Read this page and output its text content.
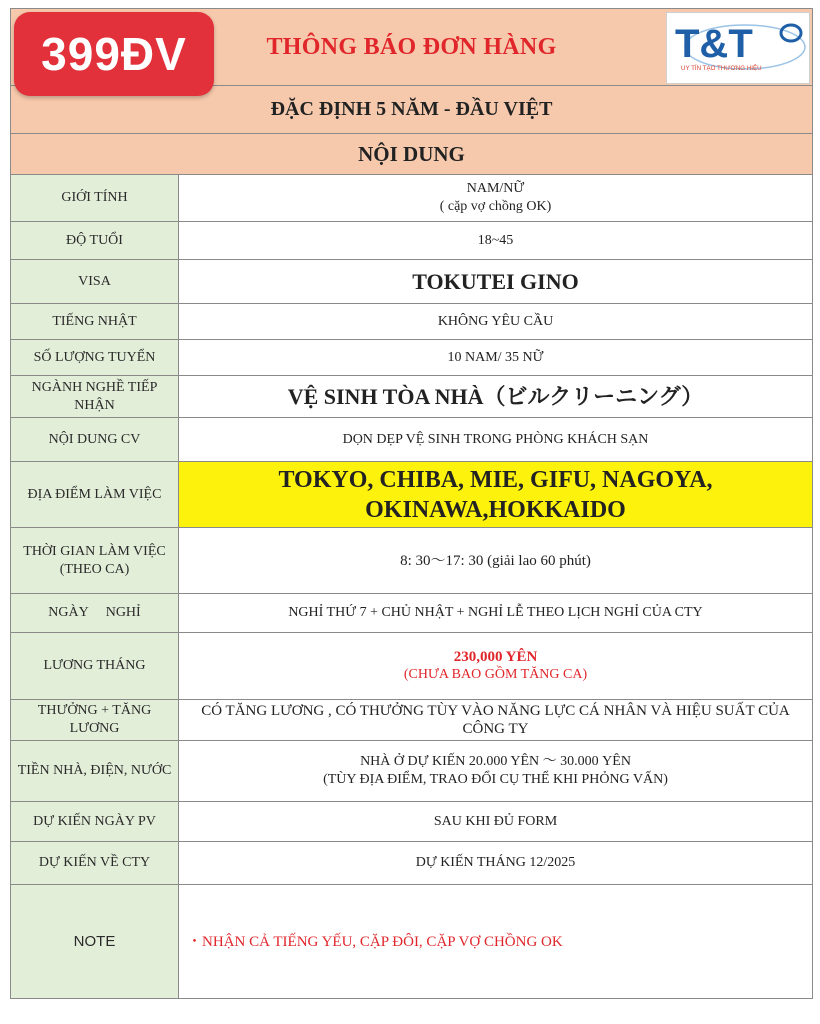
THÔNG BÁO ĐƠN HÀNG	
ĐẶC ĐỊNH 5 NĂM - ĐẦU VIỆT	
NỘI DUNG	
GIỚI TÍNH	NAM/NỮ
( cặp vợ chồng OK)

ĐỘ TUỔI	18~45
VISA	TOKUTEI GINO
TIẾNG NHẬT	KHÔNG YÊU CẦU
SỐ LƯỢNG TUYỂN	10 NAM/ 35 NỮ
NGÀNH NGHỀ TIẾP NHẬN	VỆ SINH TÒA NHÀ（ビルクリーニング）
NỘI DUNG CV	DỌN DẸP VỆ SINH TRONG PHÒNG KHÁCH SẠN
ĐỊA ĐIỂM LÀM VIỆC	TOKYO, CHIBA, MIE, GIFU, NAGOYA,
OKINAWA,HOKKAIDO

THỜI GIAN LÀM VIỆC (THEO CA)	8: 30〜17: 30 (giải lao 60 phút)
NGÀY     NGHỈ	NGHỈ THỨ 7 + CHỦ NHẬT + NGHỈ LỄ THEO LỊCH NGHỈ CỦA CTY
LƯƠNG THÁNG	230,000 YÊN
(CHƯA BAO GỒM TĂNG CA)

THƯỞNG + TĂNG LƯƠNG	CÓ TĂNG LƯƠNG , CÓ THƯỞNG TÙY VÀO NĂNG LỰC CÁ NHÂN VÀ HIỆU SUẤT CỦA CÔNG TY
TIỀN NHÀ, ĐIỆN, NƯỚC	NHÀ Ở DỰ KIẾN 20.000 YÊN 〜 30.000 YÊN
(TÙY ĐỊA ĐIỂM, TRAO ĐỔI CỤ THỂ KHI PHỎNG VẤN)

DỰ KIẾN NGÀY PV	SAU KHI ĐỦ FORM
DỰ KIẾN VỀ CTY	DỰ KIẾN THÁNG 12/2025
NOTE	・NHẬN CẢ TIẾNG YẾU, CẶP ĐÔI, CẶP VỢ CHỒNG OK
399ĐV	T&T
UY TÍN TẠO THƯƠNG HIỆU
